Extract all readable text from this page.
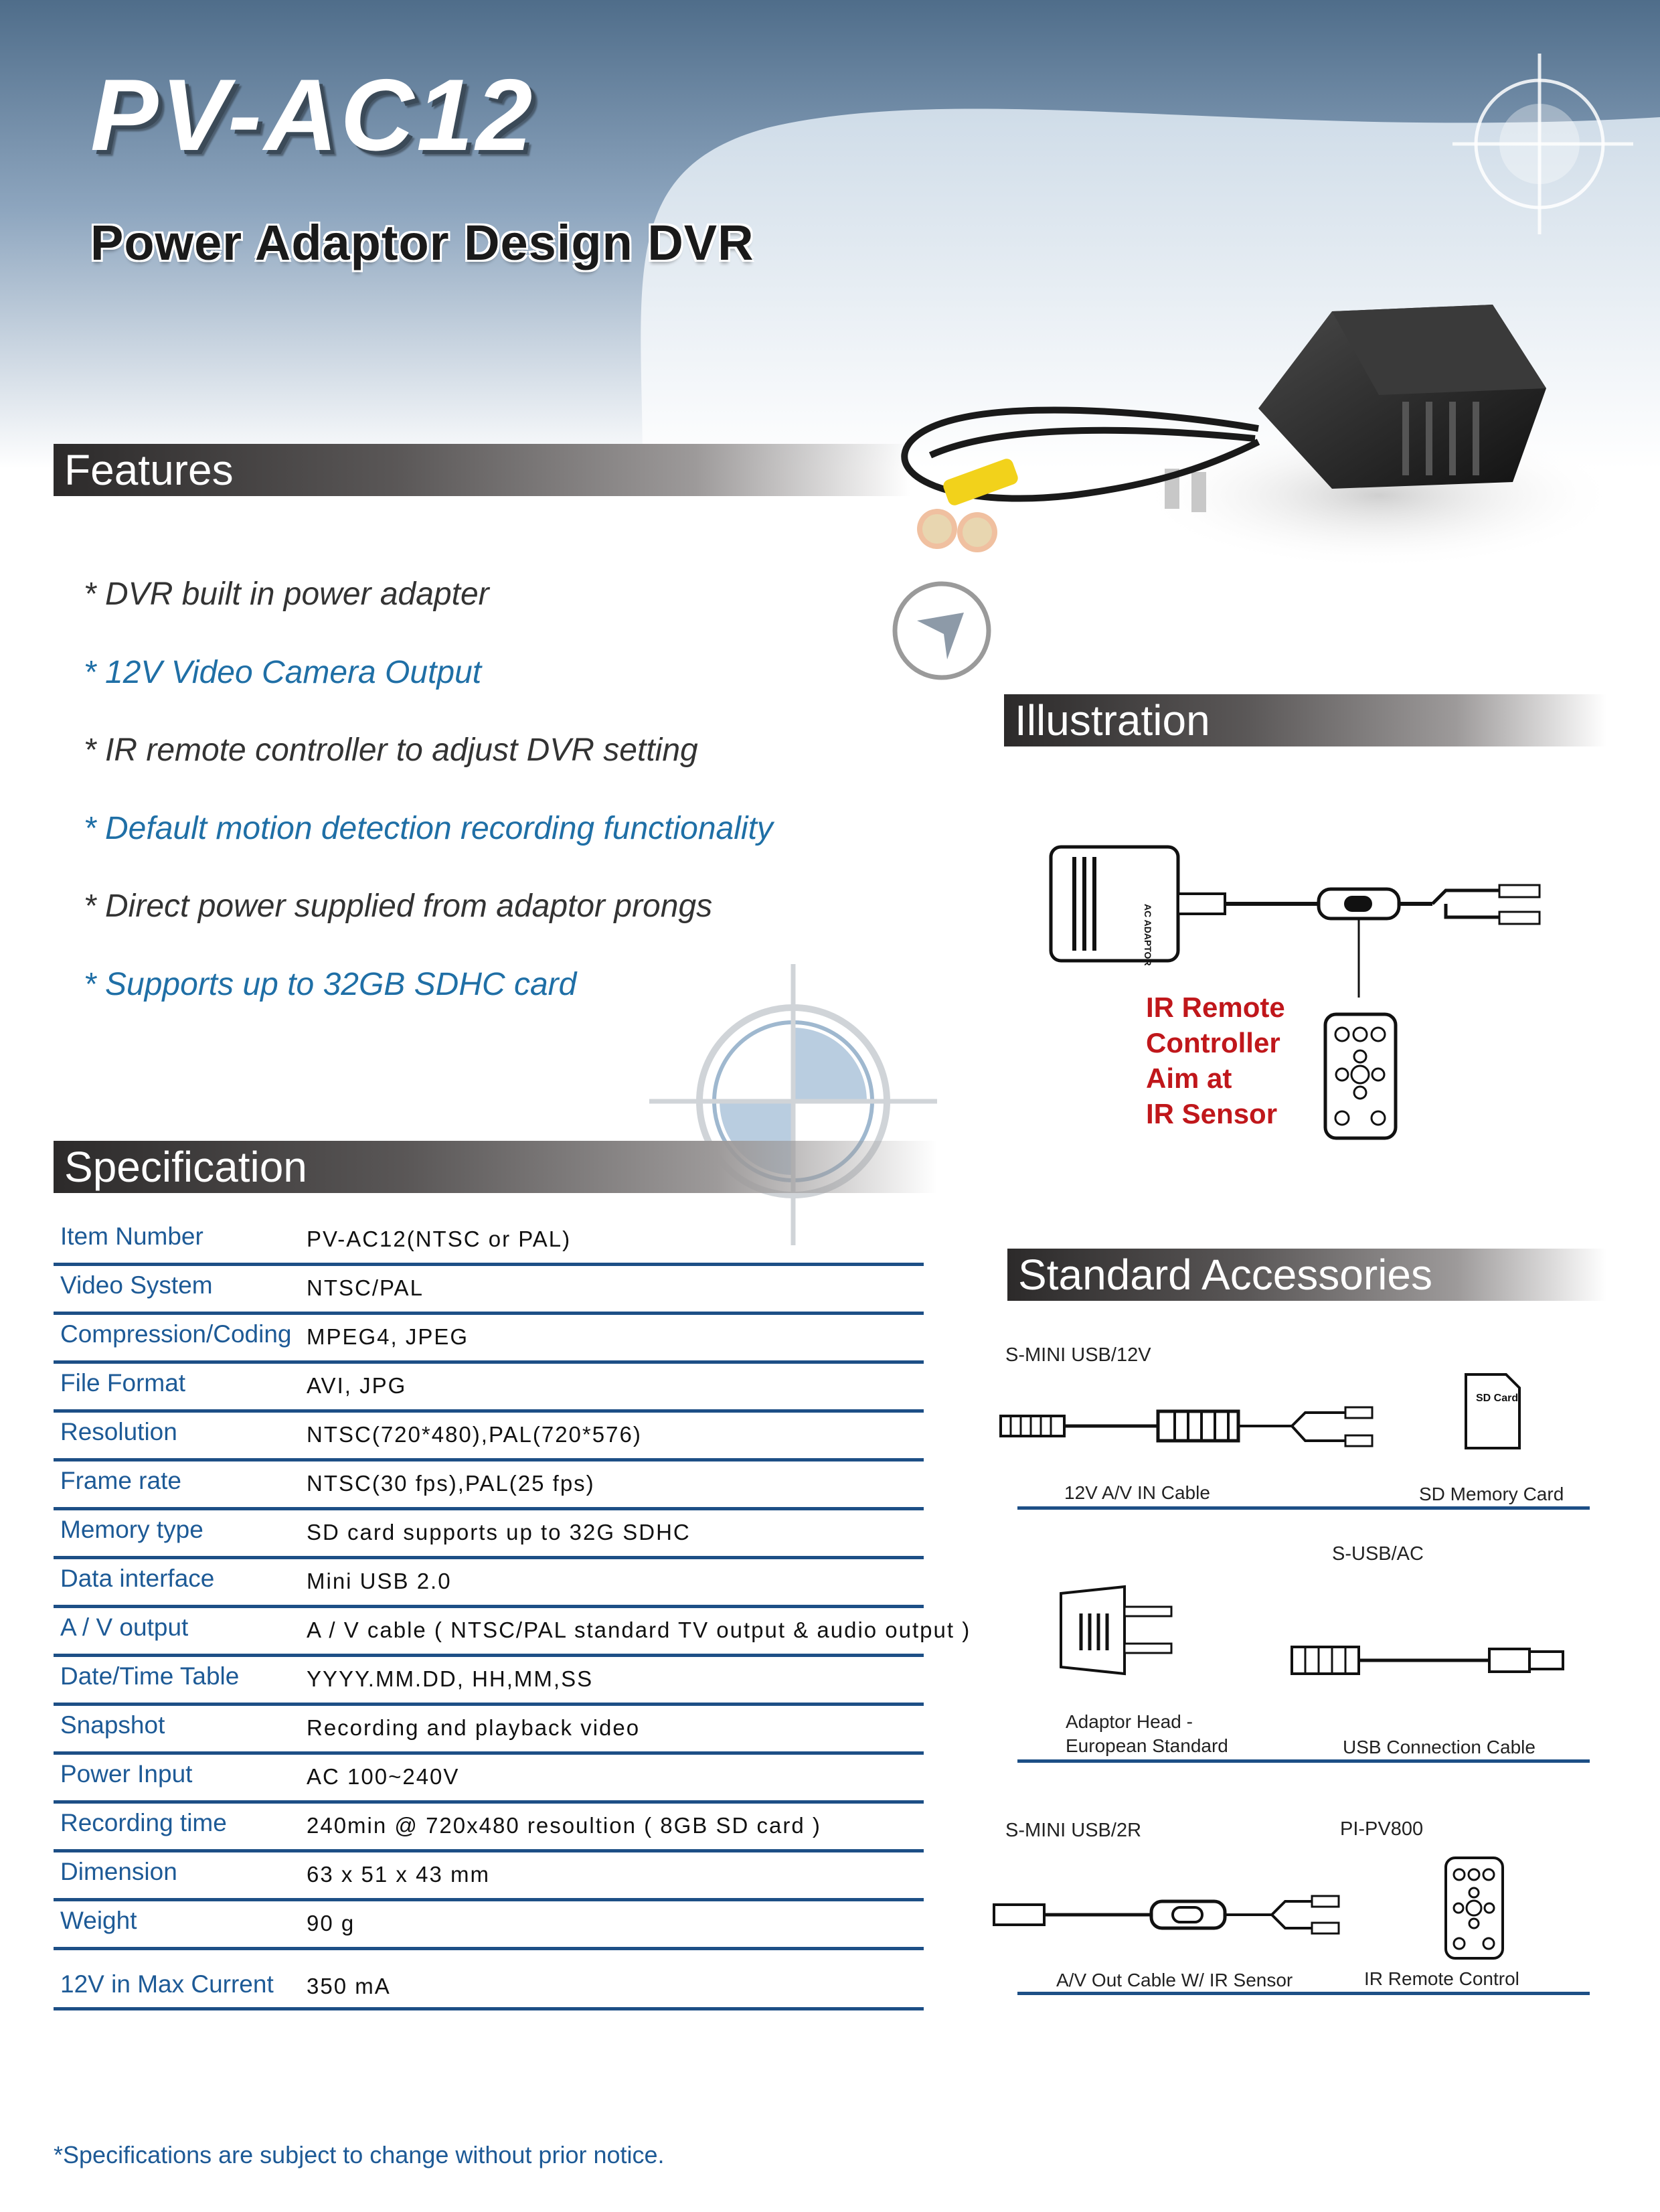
PV-AC12
Power Adaptor Design DVR
Features
* DVR built in power adapter
* 12V Video Camera Output
* IR remote controller to adjust DVR setting
* Default motion detection recording functionality
* Direct power supplied from adaptor prongs
* Supports up to 32GB SDHC card
Illustration
AC ADAPTOR
IR Remote
Controller
Aim at
IR Sensor
Specification
Item Number	PV-AC12(NTSC or PAL)
Video System	NTSC/PAL
Compression/Coding MPEG4, JPEG
File Format	AVI, JPG
Resolution	NTSC(720*480),PAL(720*576)
Frame rate	NTSC(30 fps),PAL(25 fps)
Memory type	SD card supports up to 32G SDHC
Data interface	Mini USB 2.0
A / V output	A / V cable ( NTSC/PAL standard TV output & audio output )
Date/Time Table	YYYY.MM.DD, HH,MM,SS
Snapshot	Recording and playback video
Power Input	AC 100~240V
Recording time	240min @ 720x480 resoultion ( 8GB SD card )
Dimension	63 x 51 x 43 mm
Weight	90 g
12V in Max Current 350 mA
Standard Accessories
S-MINI USB/12V
SD Card
12V A/V IN Cable	SD Memory Card
S-USB/AC
Adaptor Head -
European Standard	USB Connection Cable
S-MINI USB/2R	PI-PV800
A/V Out Cable W/ IR Sensor	IR Remote Control
*Specifications are subject to change without prior notice.
